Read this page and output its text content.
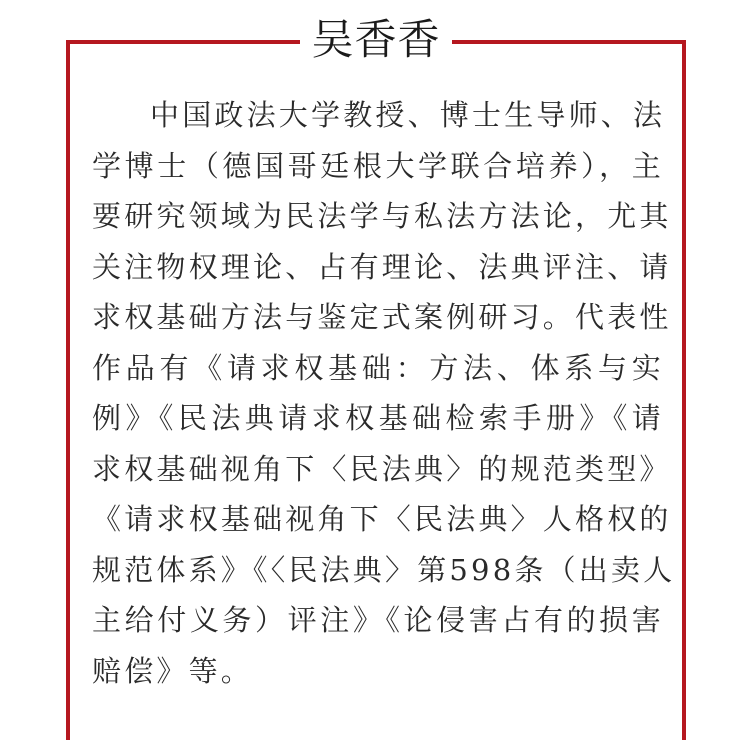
吴香香

中国政法大学教授、博士生导师、法
学博士（德国哥廷根大学联合培养），主
要研究领域为民法学与私法方法论，尤其
关注物权理论、占有理论、法典评注、请
求权基础方法与鉴定式案例研习。代表性
作品有《请求权基础：方法、体系与实
例》《民法典请求权基础检索手册》《请
求权基础视角下〈民法典〉的规范类型》
《请求权基础视角下〈民法典〉人格权的
规范体系》《〈民法典〉第598条（出卖人
主给付义务）评注》《论侵害占有的损害
赔偿》等。
